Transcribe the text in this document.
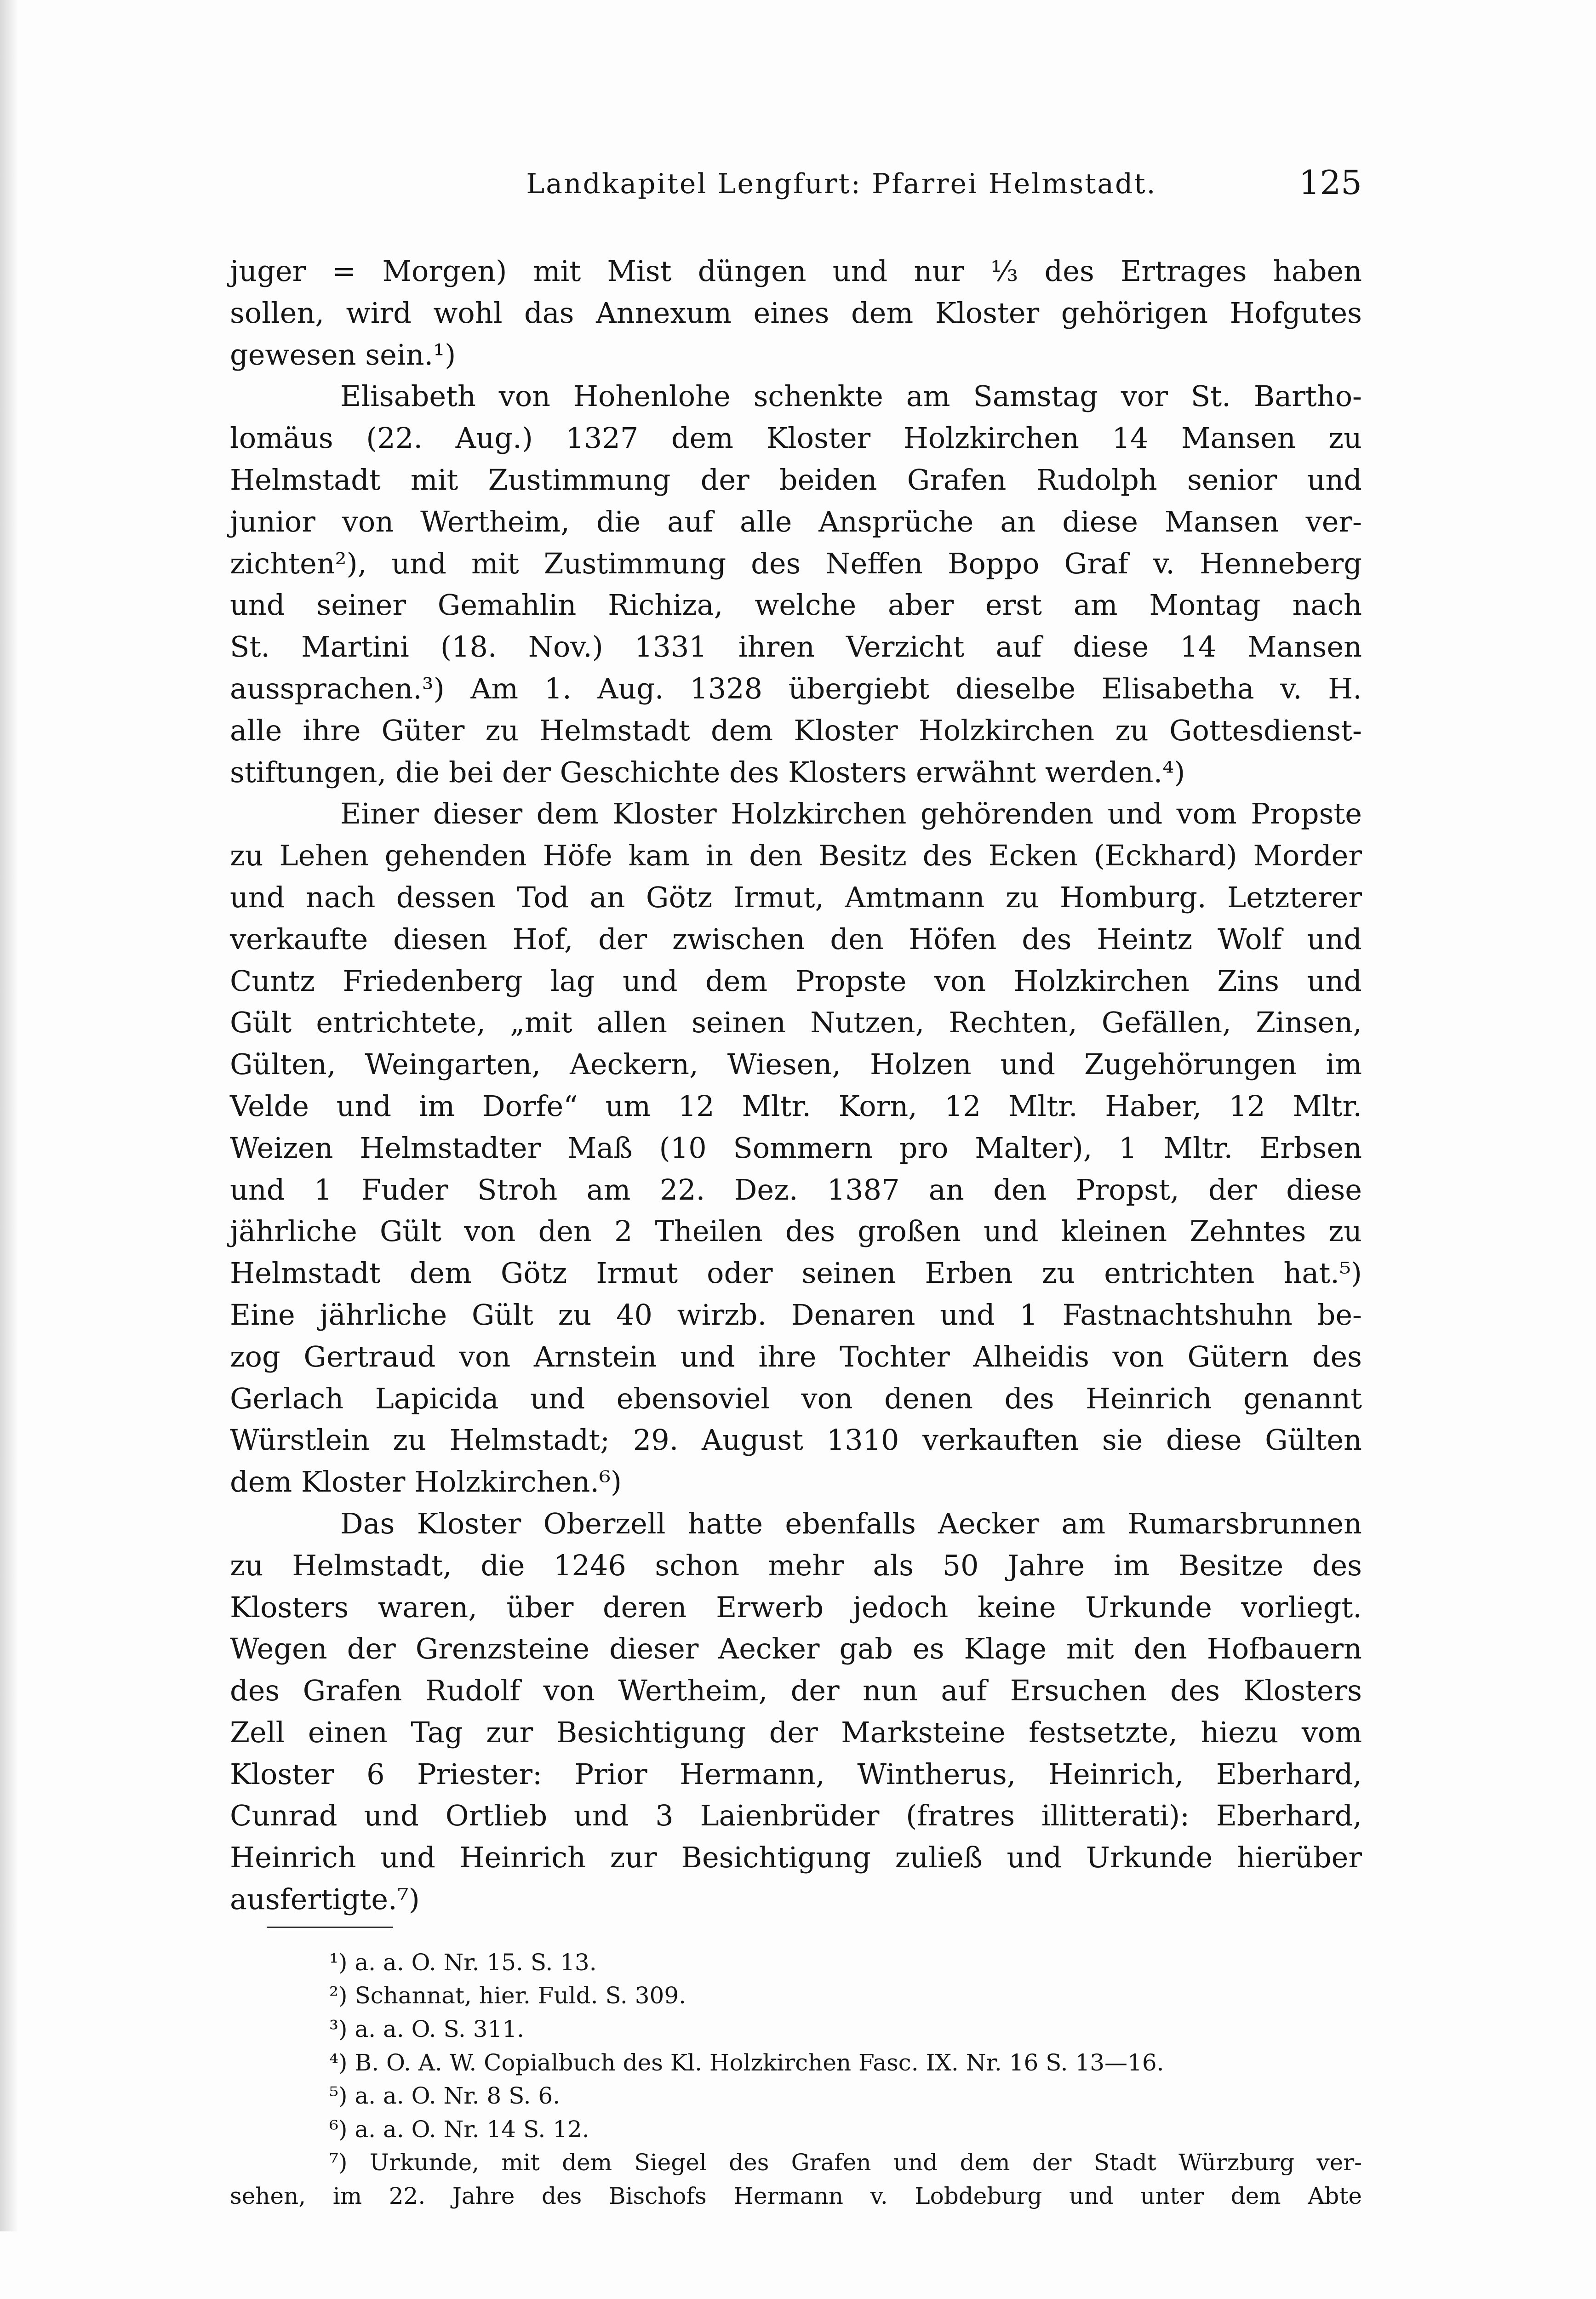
Landkapitel Lengfurt: Pfarrei Helmstadt.	125
juger = Morgen) mit Mist düngen und nur ⅓ des Ertrages haben
sollen, wird wohl das Annexum eines dem Kloster gehörigen Hofgutes
gewesen sein.¹)
Elisabeth von Hohenlohe schenkte am Samstag vor St. Bartho-
lomäus (22. Aug.) 1327 dem Kloster Holzkirchen 14 Mansen zu
Helmstadt mit Zustimmung der beiden Grafen Rudolph senior und
junior von Wertheim, die auf alle Ansprüche an diese Mansen ver-
zichten²), und mit Zustimmung des Neffen Boppo Graf v. Henneberg
und seiner Gemahlin Richiza, welche aber erst am Montag nach
St. Martini (18. Nov.) 1331 ihren Verzicht auf diese 14 Mansen
aussprachen.³) Am 1. Aug. 1328 übergiebt dieselbe Elisabetha v. H.
alle ihre Güter zu Helmstadt dem Kloster Holzkirchen zu Gottesdienst-
stiftungen, die bei der Geschichte des Klosters erwähnt werden.⁴)
Einer dieser dem Kloster Holzkirchen gehörenden und vom Propste
zu Lehen gehenden Höfe kam in den Besitz des Ecken (Eckhard) Morder
und nach dessen Tod an Götz Irmut, Amtmann zu Homburg. Letzterer
verkaufte diesen Hof, der zwischen den Höfen des Heintz Wolf und
Cuntz Friedenberg lag und dem Propste von Holzkirchen Zins und
Gült entrichtete, „mit allen seinen Nutzen, Rechten, Gefällen, Zinsen,
Gülten, Weingarten, Aeckern, Wiesen, Holzen und Zugehörungen im
Velde und im Dorfe“ um 12 Mltr. Korn, 12 Mltr. Haber, 12 Mltr.
Weizen Helmstadter Maß (10 Sommern pro Malter), 1 Mltr. Erbsen
und 1 Fuder Stroh am 22. Dez. 1387 an den Propst, der diese
jährliche Gült von den 2 Theilen des großen und kleinen Zehntes zu
Helmstadt dem Götz Irmut oder seinen Erben zu entrichten hat.⁵)
Eine jährliche Gült zu 40 wirzb. Denaren und 1 Fastnachtshuhn be-
zog Gertraud von Arnstein und ihre Tochter Alheidis von Gütern des
Gerlach Lapicida und ebensoviel von denen des Heinrich genannt
Würstlein zu Helmstadt; 29. August 1310 verkauften sie diese Gülten
dem Kloster Holzkirchen.⁶)
Das Kloster Oberzell hatte ebenfalls Aecker am Rumarsbrunnen
zu Helmstadt, die 1246 schon mehr als 50 Jahre im Besitze des
Klosters waren, über deren Erwerb jedoch keine Urkunde vorliegt.
Wegen der Grenzsteine dieser Aecker gab es Klage mit den Hofbauern
des Grafen Rudolf von Wertheim, der nun auf Ersuchen des Klosters
Zell einen Tag zur Besichtigung der Marksteine festsetzte, hiezu vom
Kloster 6 Priester: Prior Hermann, Wintherus, Heinrich, Eberhard,
Cunrad und Ortlieb und 3 Laienbrüder (fratres illitterati): Eberhard,
Heinrich und Heinrich zur Besichtigung zuließ und Urkunde hierüber
ausfertigte.⁷)
¹) a. a. O. Nr. 15. S. 13.
²) Schannat, hier. Fuld. S. 309.
³) a. a. O. S. 311.
⁴) B. O. A. W. Copialbuch des Kl. Holzkirchen Fasc. IX. Nr. 16 S. 13—16.
⁵) a. a. O. Nr. 8 S. 6.
⁶) a. a. O. Nr. 14 S. 12.
⁷) Urkunde, mit dem Siegel des Grafen und dem der Stadt Würzburg ver-
sehen, im 22. Jahre des Bischofs Hermann v. Lobdeburg und unter dem Abte
